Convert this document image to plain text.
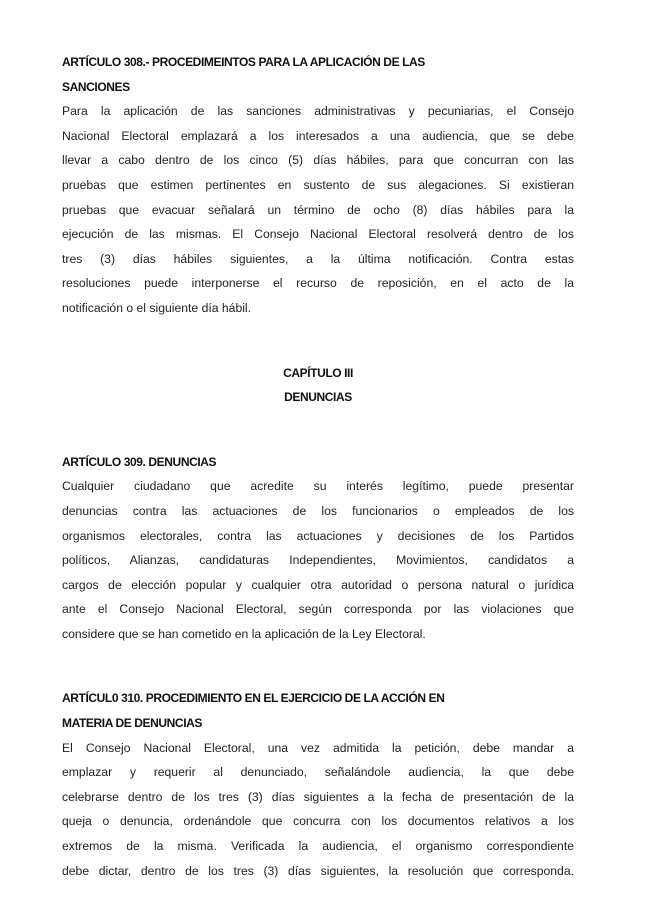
ARTÍCULO 308.- PROCEDIMEINTOS PARA LA APLICACIÓN DE LAS
SANCIONES
Para la aplicación de las sanciones administrativas y pecuniarias, el Consejo
Nacional Electoral emplazará a los interesados a una audiencia, que se debe
llevar a cabo dentro de los cinco (5) días hábiles, para que concurran con las
pruebas que estimen pertinentes en sustento de sus alegaciones. Si existieran
pruebas que evacuar señalará un término de ocho (8) días hábiles para la
ejecución de las mismas. El Consejo Nacional Electoral resolverá dentro de los
tres (3) días hábiles siguientes, a la última notificación. Contra estas
resoluciones puede interponerse el recurso de reposición, en el acto de la
notificación o el siguiente día hábil.
CAPÍTULO III
DENUNCIAS
ARTÍCULO 309. DENUNCIAS
Cualquier ciudadano que acredite su interés legítimo, puede presentar
denuncias contra las actuaciones de los funcionarios o empleados de los
organismos electorales, contra las actuaciones y decisiones de los Partidos
políticos, Alianzas, candidaturas Independientes, Movimientos, candidatos a
cargos de elección popular y cualquier otra autoridad o persona natural o jurídica
ante el Consejo Nacional Electoral, según corresponda por las violaciones que
considere que se han cometido en la aplicación de la Ley Electoral.
ARTÍCUL0 310. PROCEDIMIENTO EN EL EJERCICIO DE LA ACCIÓN EN
MATERIA DE DENUNCIAS
El Consejo Nacional Electoral, una vez admitida la petición, debe mandar a
emplazar y requerir al denunciado, señalándole audiencia, la que debe
celebrarse dentro de los tres (3) días siguientes a la fecha de presentación de la
queja o denuncia, ordenándole que concurra con los documentos relativos a los
extremos de la misma. Verificada la audiencia, el organismo correspondiente
debe dictar, dentro de los tres (3) días siguientes, la resolución que corresponda.
